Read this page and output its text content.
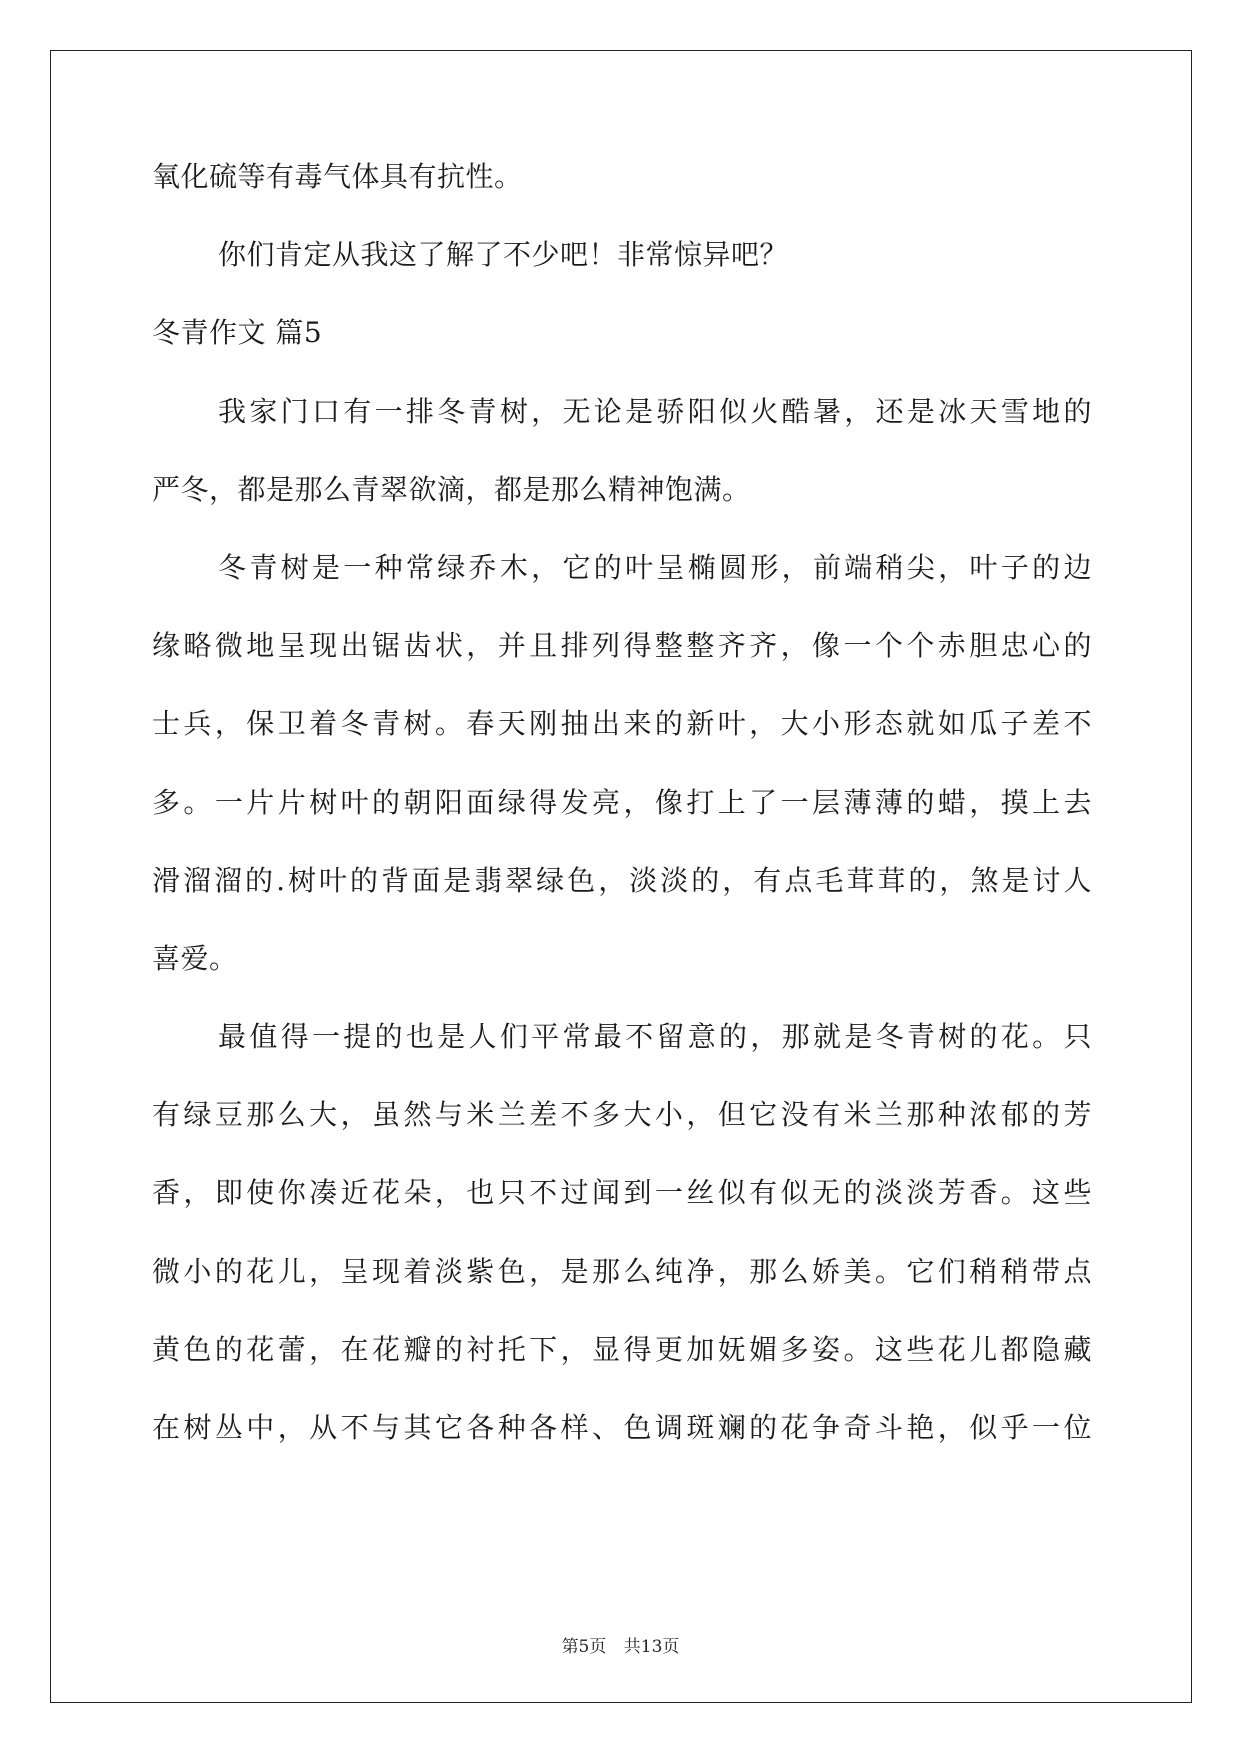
氧化硫等有毒气体具有抗性。
你们肯定从我这了解了不少吧！非常惊异吧？
冬青作文 篇5
我家门口有一排冬青树，无论是骄阳似火酷暑，还是冰天雪地的
严冬，都是那么青翠欲滴，都是那么精神饱满。
冬青树是一种常绿乔木，它的叶呈椭圆形，前端稍尖，叶子的边
缘略微地呈现出锯齿状，并且排列得整整齐齐，像一个个赤胆忠心的
士兵，保卫着冬青树。春天刚抽出来的新叶，大小形态就如瓜子差不
多。一片片树叶的朝阳面绿得发亮，像打上了一层薄薄的蜡，摸上去
滑溜溜的.树叶的背面是翡翠绿色，淡淡的，有点毛茸茸的，煞是讨人
喜爱。
最值得一提的也是人们平常最不留意的，那就是冬青树的花。只
有绿豆那么大，虽然与米兰差不多大小，但它没有米兰那种浓郁的芳
香，即使你凑近花朵，也只不过闻到一丝似有似无的淡淡芳香。这些
微小的花儿，呈现着淡紫色，是那么纯净，那么娇美。它们稍稍带点
黄色的花蕾，在花瓣的衬托下，显得更加妩媚多姿。这些花儿都隐藏
在树丛中，从不与其它各种各样、色调斑斓的花争奇斗艳，似乎一位
第5页 共13页
